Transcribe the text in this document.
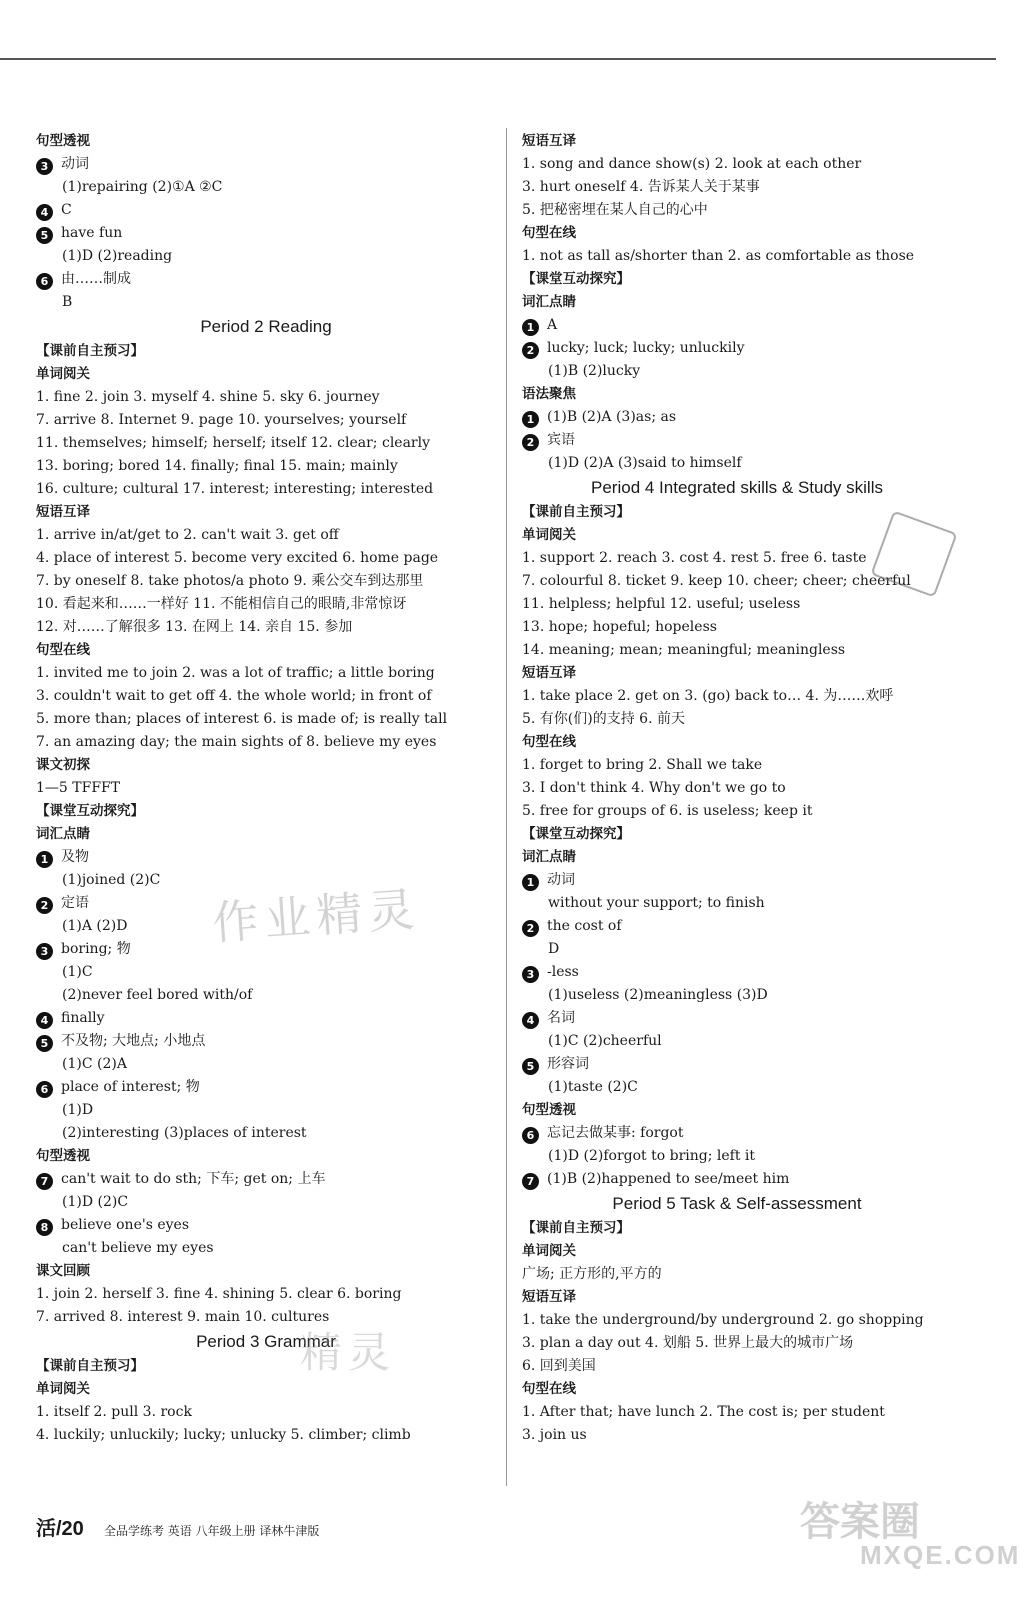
句型透视
3 动词
(1)repairing (2)①A ②C
4 C
5 have fun
(1)D (2)reading
6 由……制成
B
Period 2 Reading
【课前自主预习】
单词阅关
1. fine 2. join 3. myself 4. shine 5. sky 6. journey
7. arrive 8. Internet 9. page 10. yourselves; yourself
11. themselves; himself; herself; itself 12. clear; clearly
13. boring; bored 14. finally; final 15. main; mainly
16. culture; cultural 17. interest; interesting; interested
短语互译
1. arrive in/at/get to 2. can't wait 3. get off
4. place of interest 5. become very excited 6. home page
7. by oneself 8. take photos/a photo 9. 乘公交车到达那里
10. 看起来和……一样好 11. 不能相信自己的眼睛,非常惊讶
12. 对……了解很多 13. 在网上 14. 亲自 15. 参加
句型在线
1. invited me to join 2. was a lot of traffic; a little boring
3. couldn't wait to get off 4. the whole world; in front of
5. more than; places of interest 6. is made of; is really tall
7. an amazing day; the main sights of 8. believe my eyes
课文初探
1—5 TFFFT
【课堂互动探究】
词汇点睛
1 及物
(1)joined (2)C
2 定语
(1)A (2)D
3 boring; 物
(1)C
(2)never feel bored with/of
4 finally
5 不及物; 大地点; 小地点
(1)C (2)A
6 place of interest; 物
(1)D
(2)interesting (3)places of interest
句型透视
7 can't wait to do sth; 下车; get on; 上车
(1)D (2)C
8 believe one's eyes
can't believe my eyes
课文回顾
1. join 2. herself 3. fine 4. shining 5. clear 6. boring
7. arrived 8. interest 9. main 10. cultures
Period 3 Grammar
【课前自主预习】
单词阅关
1. itself 2. pull 3. rock
4. luckily; unluckily; lucky; unlucky 5. climber; climb
短语互译
1. song and dance show(s) 2. look at each other
3. hurt oneself 4. 告诉某人关于某事
5. 把秘密埋在某人自己的心中
句型在线
1. not as tall as/shorter than 2. as comfortable as those
【课堂互动探究】
词汇点睛
1 A
2 lucky; luck; lucky; unluckily
(1)B (2)lucky
语法聚焦
1 (1)B (2)A (3)as; as
2 宾语
(1)D (2)A (3)said to himself
Period 4 Integrated skills & Study skills
【课前自主预习】
单词阅关
1. support 2. reach 3. cost 4. rest 5. free 6. taste
7. colourful 8. ticket 9. keep 10. cheer; cheer; cheerful
11. helpless; helpful 12. useful; useless
13. hope; hopeful; hopeless
14. meaning; mean; meaningful; meaningless
短语互译
1. take place 2. get on 3. (go) back to… 4. 为……欢呼
5. 有你(们)的支持 6. 前天
句型在线
1. forget to bring 2. Shall we take
3. I don't think 4. Why don't we go to
5. free for groups of 6. is useless; keep it
【课堂互动探究】
词汇点睛
1 动词
without your support; to finish
2 the cost of
D
3 -less
(1)useless (2)meaningless (3)D
4 名词
(1)C (2)cheerful
5 形容词
(1)taste (2)C
句型透视
6 忘记去做某事: forgot
(1)D (2)forgot to bring; left it
7 (1)B (2)happened to see/meet him
Period 5 Task & Self-assessment
【课前自主预习】
单词阅关
广场; 正方形的,平方的
短语互译
1. take the underground/by underground 2. go shopping
3. plan a day out 4. 划船 5. 世界上最大的城市广场
6. 回到美国
句型在线
1. After that; have lunch 2. The cost is; per student
3. join us
作业精灵
精灵
答案圈
MXQE.COM
活/20 全品学练考 英语 八年级上册 译林牛津版
